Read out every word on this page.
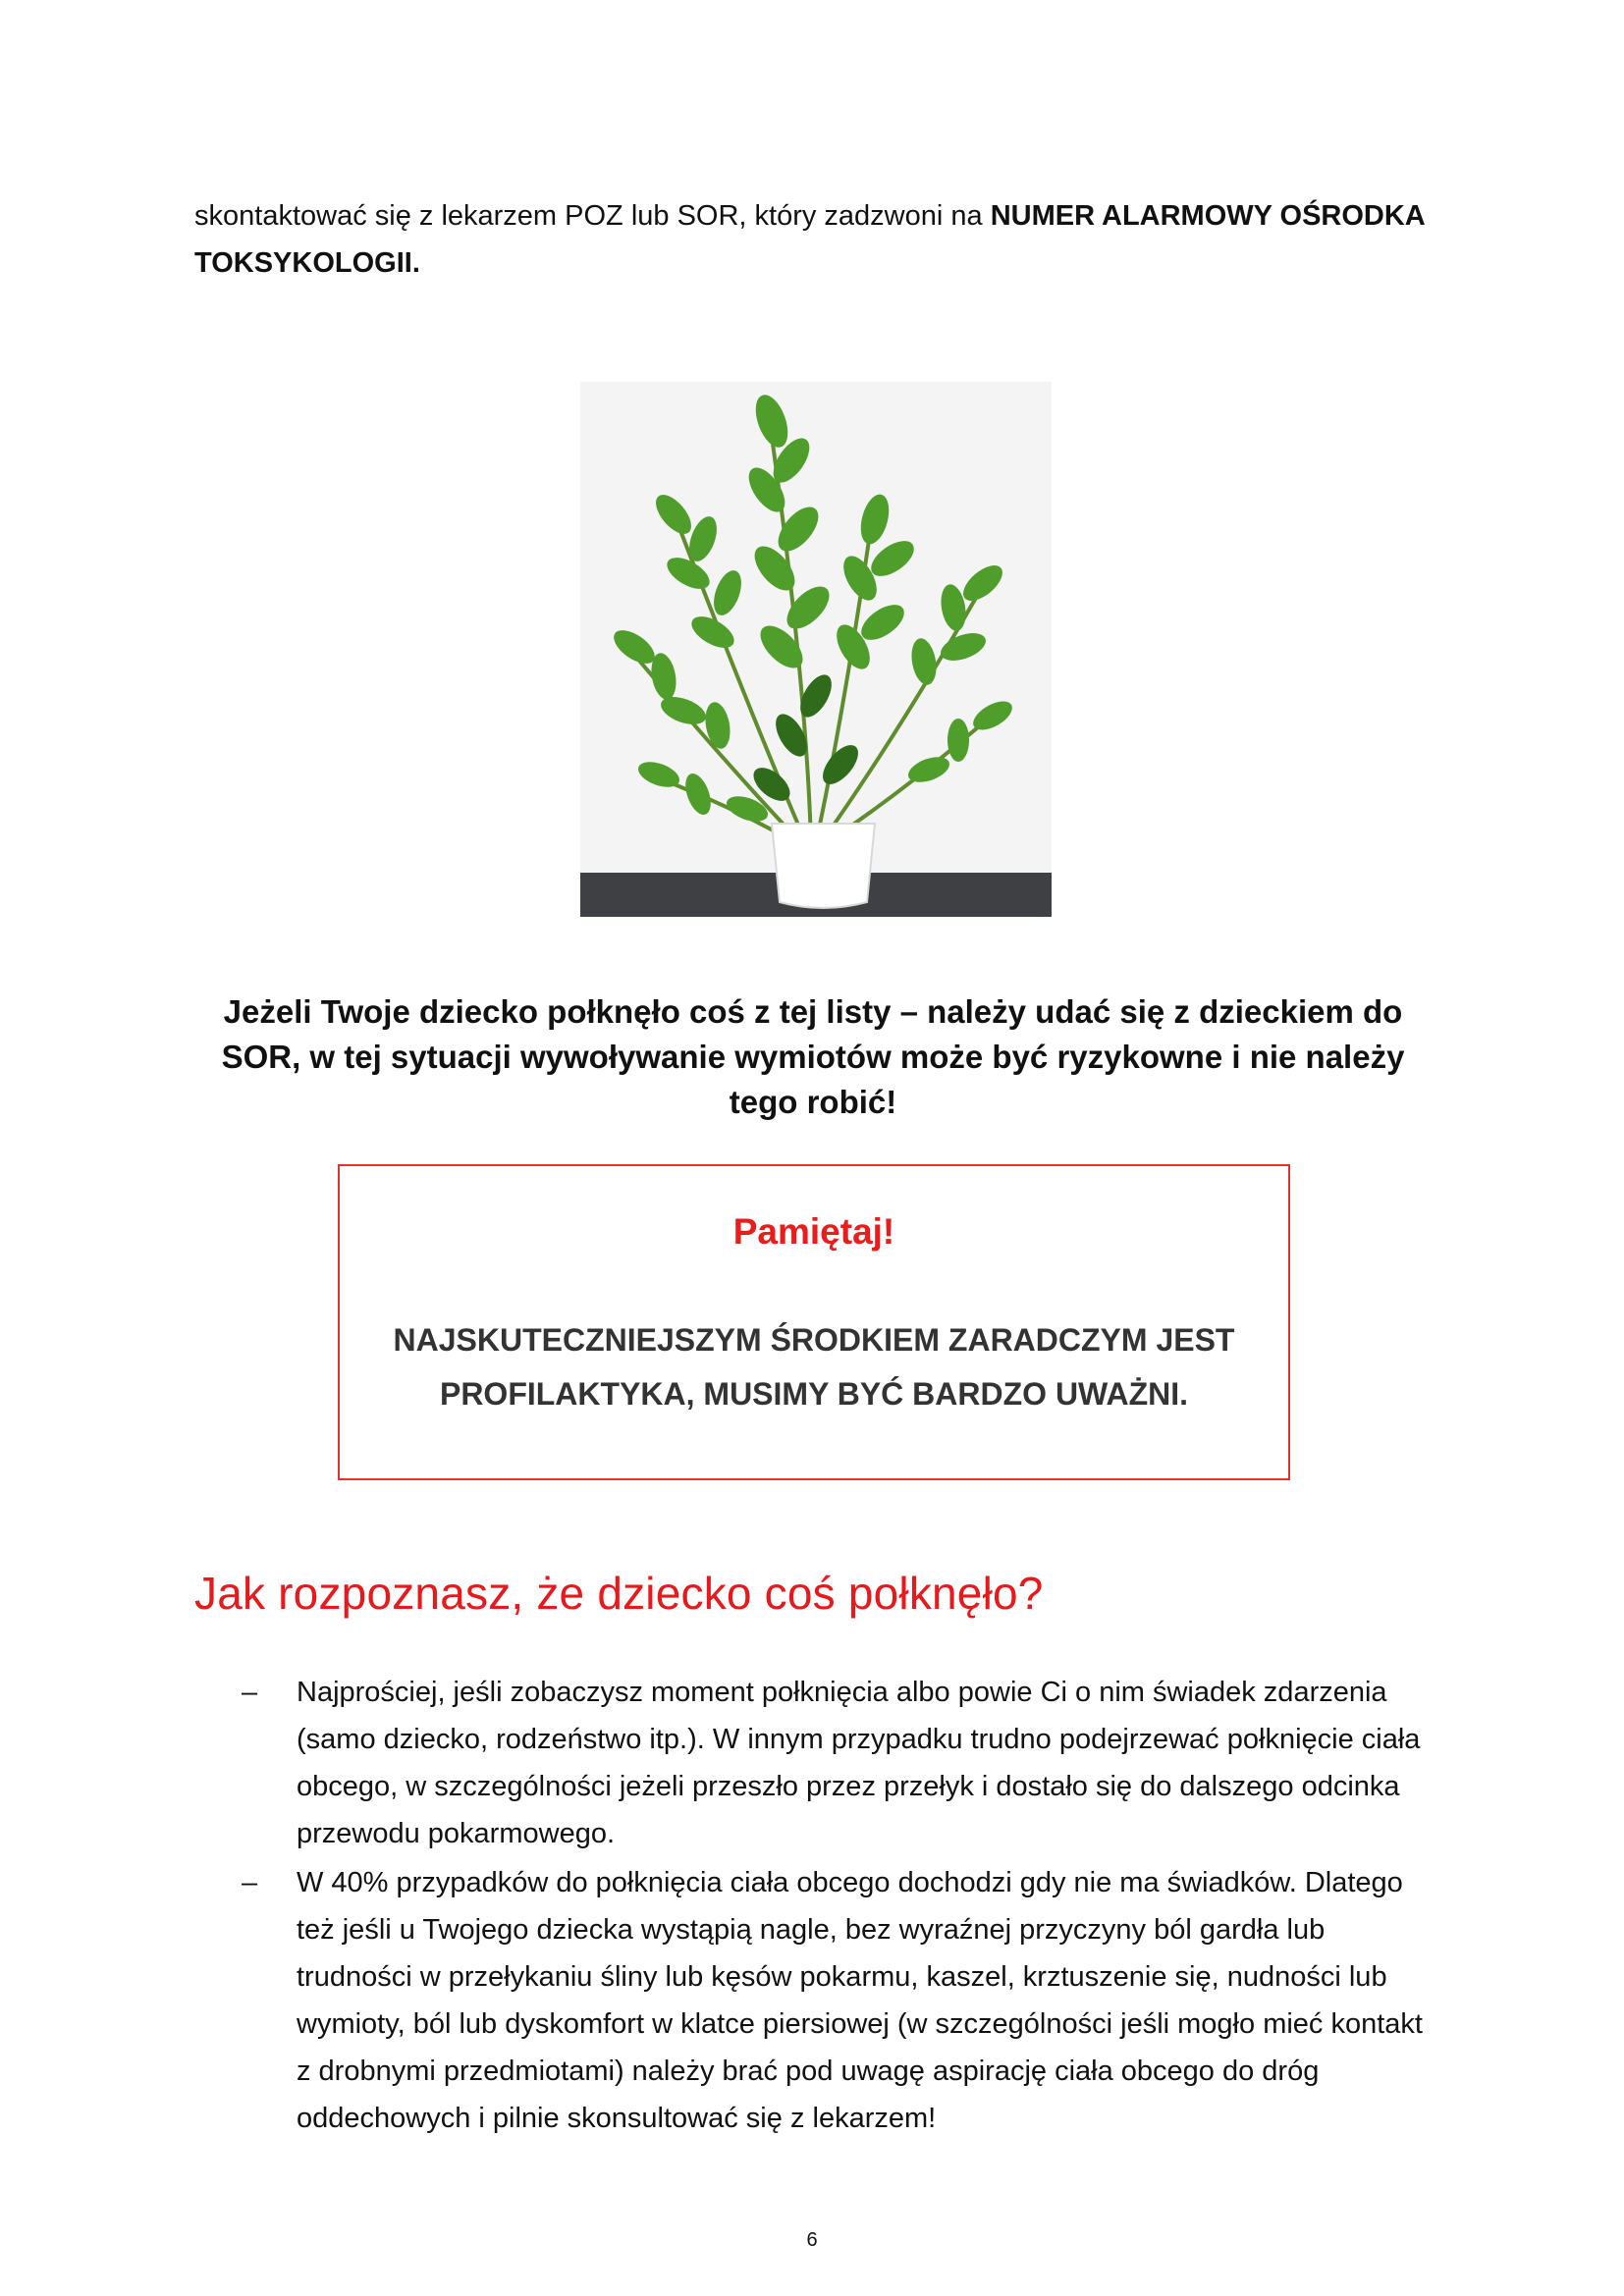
skontaktować się z lekarzem POZ lub SOR, który zadzwoni na NUMER ALARMOWY OŚRODKA TOKSYKOLOGII.

Jeżeli Twoje dziecko połknęło coś z tej listy – należy udać się z dzieckiem do SOR, w tej sytuacji wywoływanie wymiotów może być ryzykowne i nie należy tego robić!

Pamiętaj!

NAJSKUTECZNIEJSZYM ŚRODKIEM ZARADCZYM JEST PROFILAKTYKA, MUSIMY BYĆ BARDZO UWAŻNI.

Jak rozpoznasz, że dziecko coś połknęło?
–	Najprościej, jeśli zobaczysz moment połknięcia albo powie Ci o nim świadek zdarzenia (samo dziecko, rodzeństwo itp.). W innym przypadku trudno podejrzewać połknięcie ciała obcego, w szczególności jeżeli przeszło przez przełyk i dostało się do dalszego odcinka przewodu pokarmowego.
–	W 40% przypadków do połknięcia ciała obcego dochodzi gdy nie ma świadków. Dlatego też jeśli u Twojego dziecka wystąpią nagle, bez wyraźnej przyczyny ból gardła lub trudności w przełykaniu śliny lub kęsów pokarmu, kaszel, krztuszenie się, nudności lub wymioty, ból lub dyskomfort w klatce piersiowej (w szczególności jeśli mogło mieć kontakt z drobnymi przedmiotami) należy brać pod uwagę aspirację ciała obcego do dróg oddechowych i pilnie skonsultować się z lekarzem!
6
